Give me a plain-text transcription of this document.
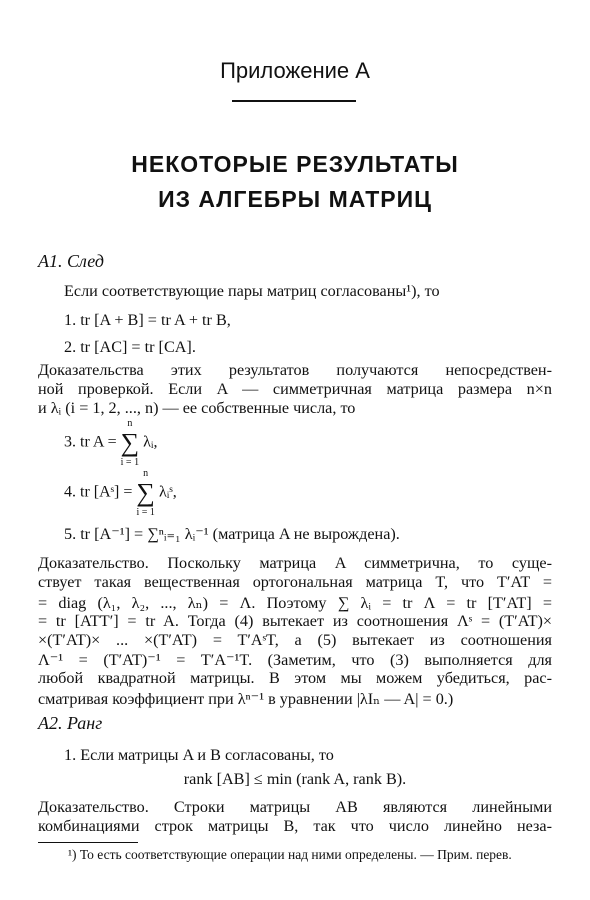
Приложение A
НЕКОТОРЫЕ РЕЗУЛЬТАТЫ
ИЗ АЛГЕБРЫ МАТРИЦ
A1. След
Если соответствующие пары матриц согласованы¹), то
1. tr [A + B] = tr A + tr B,
2. tr [AC] = tr [CA].
Доказательства этих результатов получаются непосредствен-
ной проверкой. Если A — симметричная матрица размера n×n
и λᵢ (i = 1, 2, ..., n) — ее собственные числа, то
3. tr A = ∑
n
i = 1
λᵢ,
4. tr [Aˢ] = ∑
n
i = 1
λᵢˢ,
5. tr [A⁻¹] = ∑ⁿᵢ₌₁ λᵢ⁻¹ (матрица A не вырождена).
Доказательство. Поскольку матрица A симметрична, то суще-
ствует такая вещественная ортогональная матрица T, что T′AT =
= diag (λ₁, λ₂, ..., λₙ) = Λ. Поэтому ∑ λᵢ = tr Λ = tr [T′AT] =
= tr [ATT′] = tr A. Тогда (4) вытекает из соотношения Λˢ = (T′AT)×
×(T′AT)× ... ×(T′AT) = T′AˢT, а (5) вытекает из соотношения
Λ⁻¹ = (T′AT)⁻¹ = T′A⁻¹T. (Заметим, что (3) выполняется для
любой квадратной матрицы. В этом мы можем убедиться, рас-
сматривая коэффициент при λⁿ⁻¹ в уравнении |λIₙ — A| = 0.)
A2. Ранг
1. Если матрицы A и B согласованы, то
rank [AB] ≤ min (rank A, rank B).
Доказательство. Строки матрицы AB являются линейными
комбинациями строк матрицы B, так что число линейно неза-
¹) То есть соответствующие операции над ними определены. — Прим. перев.
